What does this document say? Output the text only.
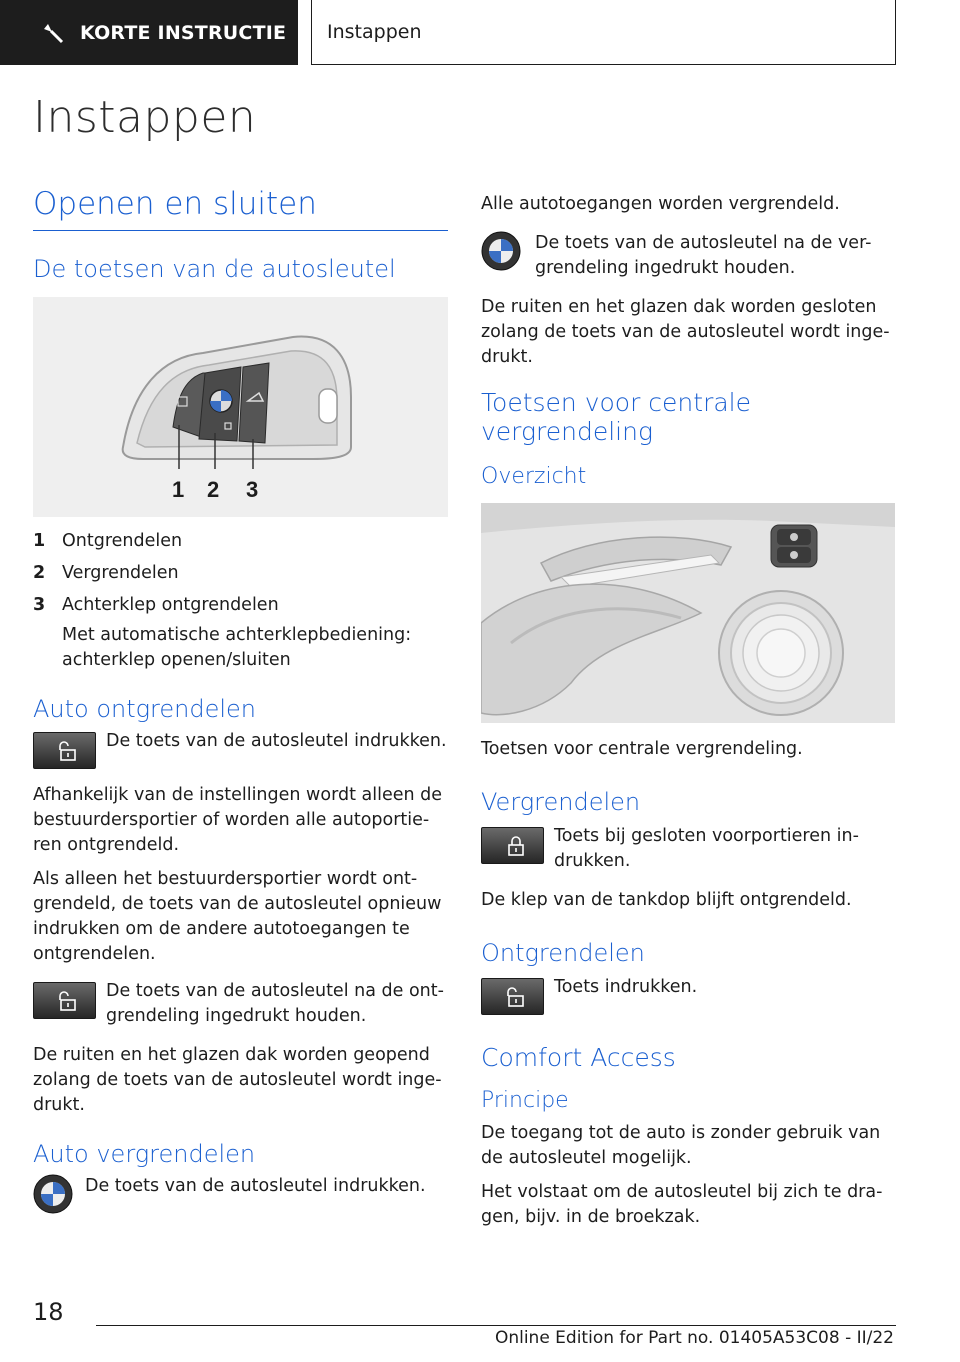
KORTE INSTRUCTIE Instappen
Instappen
Openen en sluiten
De toetsen van de autosleutel
1 2 3
1 Ontgrendelen
2 Vergrendelen
3 Achterklep ontgrendelen
Met automatische achterklepbediening: achterklep openen/sluiten
Auto ontgrendelen
De toets van de autosleutel indrukken.

Afhankelijk van de instellingen wordt alleen de bestuurdersportier of worden alle autoportie-ren ontgrendeld.

Als alleen het bestuurdersportier wordt ont-grendeld, de toets van de autosleutel opnieuw indrukken om de andere autotoegangen te ontgrendelen.

De toets van de autosleutel na de ont-grendeling ingedrukt houden.

De ruiten en het glazen dak worden geopend zolang de toets van de autosleutel wordt inge-drukt.

Auto vergrendelen
De toets van de autosleutel indrukken.

Alle autotoegangen worden vergrendeld.

De toets van de autosleutel na de ver-grendeling ingedrukt houden.

De ruiten en het glazen dak worden gesloten zolang de toets van de autosleutel wordt inge-drukt.

Toetsen voor centrale vergrendeling
Overzicht

Toetsen voor centrale vergrendeling.

Vergrendelen
Toets bij gesloten voorportieren in-drukken.

De klep van de tankdop blijft ontgrendeld.

Ontgrendelen
Toets indrukken.
Comfort Access
Principe

De toegang tot de auto is zonder gebruik van de autosleutel mogelijk.

Het volstaat om de autosleutel bij zich te dra-gen, bijv. in de broekzak.

18
Online Edition for Part no. 01405A53C08 - II/22
